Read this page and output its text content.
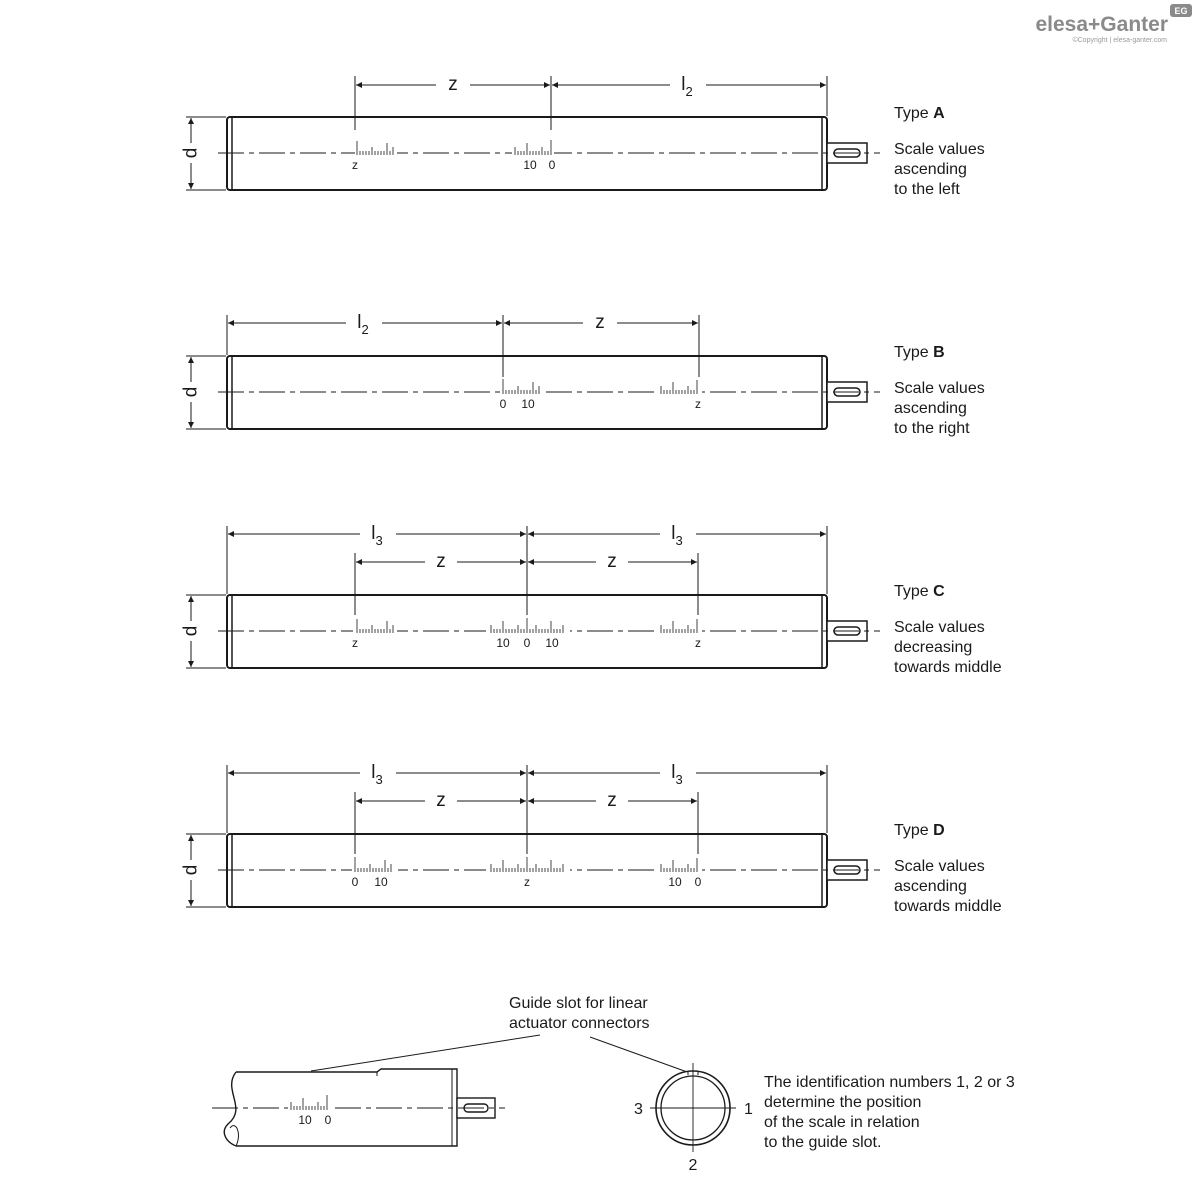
elesa+Ganter
EG
©Copyright | elesa-ganter.com
d
z	$l_2$
z	10 0
Type A
Scale values
ascending
to the left
d
$l_2$	z
0 10	z
Type B
Scale values
ascending
to the right
d
$l_3$	$l_3$
z	z
z	10 0 10	z
Type C
Scale values
decreasing
towards middle
d
$l_3$	$l_3$
z	z
0 10	z	10 0
Type D
Scale values
ascending
towards middle
10 0
Guide slot for linear
actuator connectors
1
2
3
The identification numbers 1, 2 or 3
determine the position
of the scale in relation
to the guide slot.
